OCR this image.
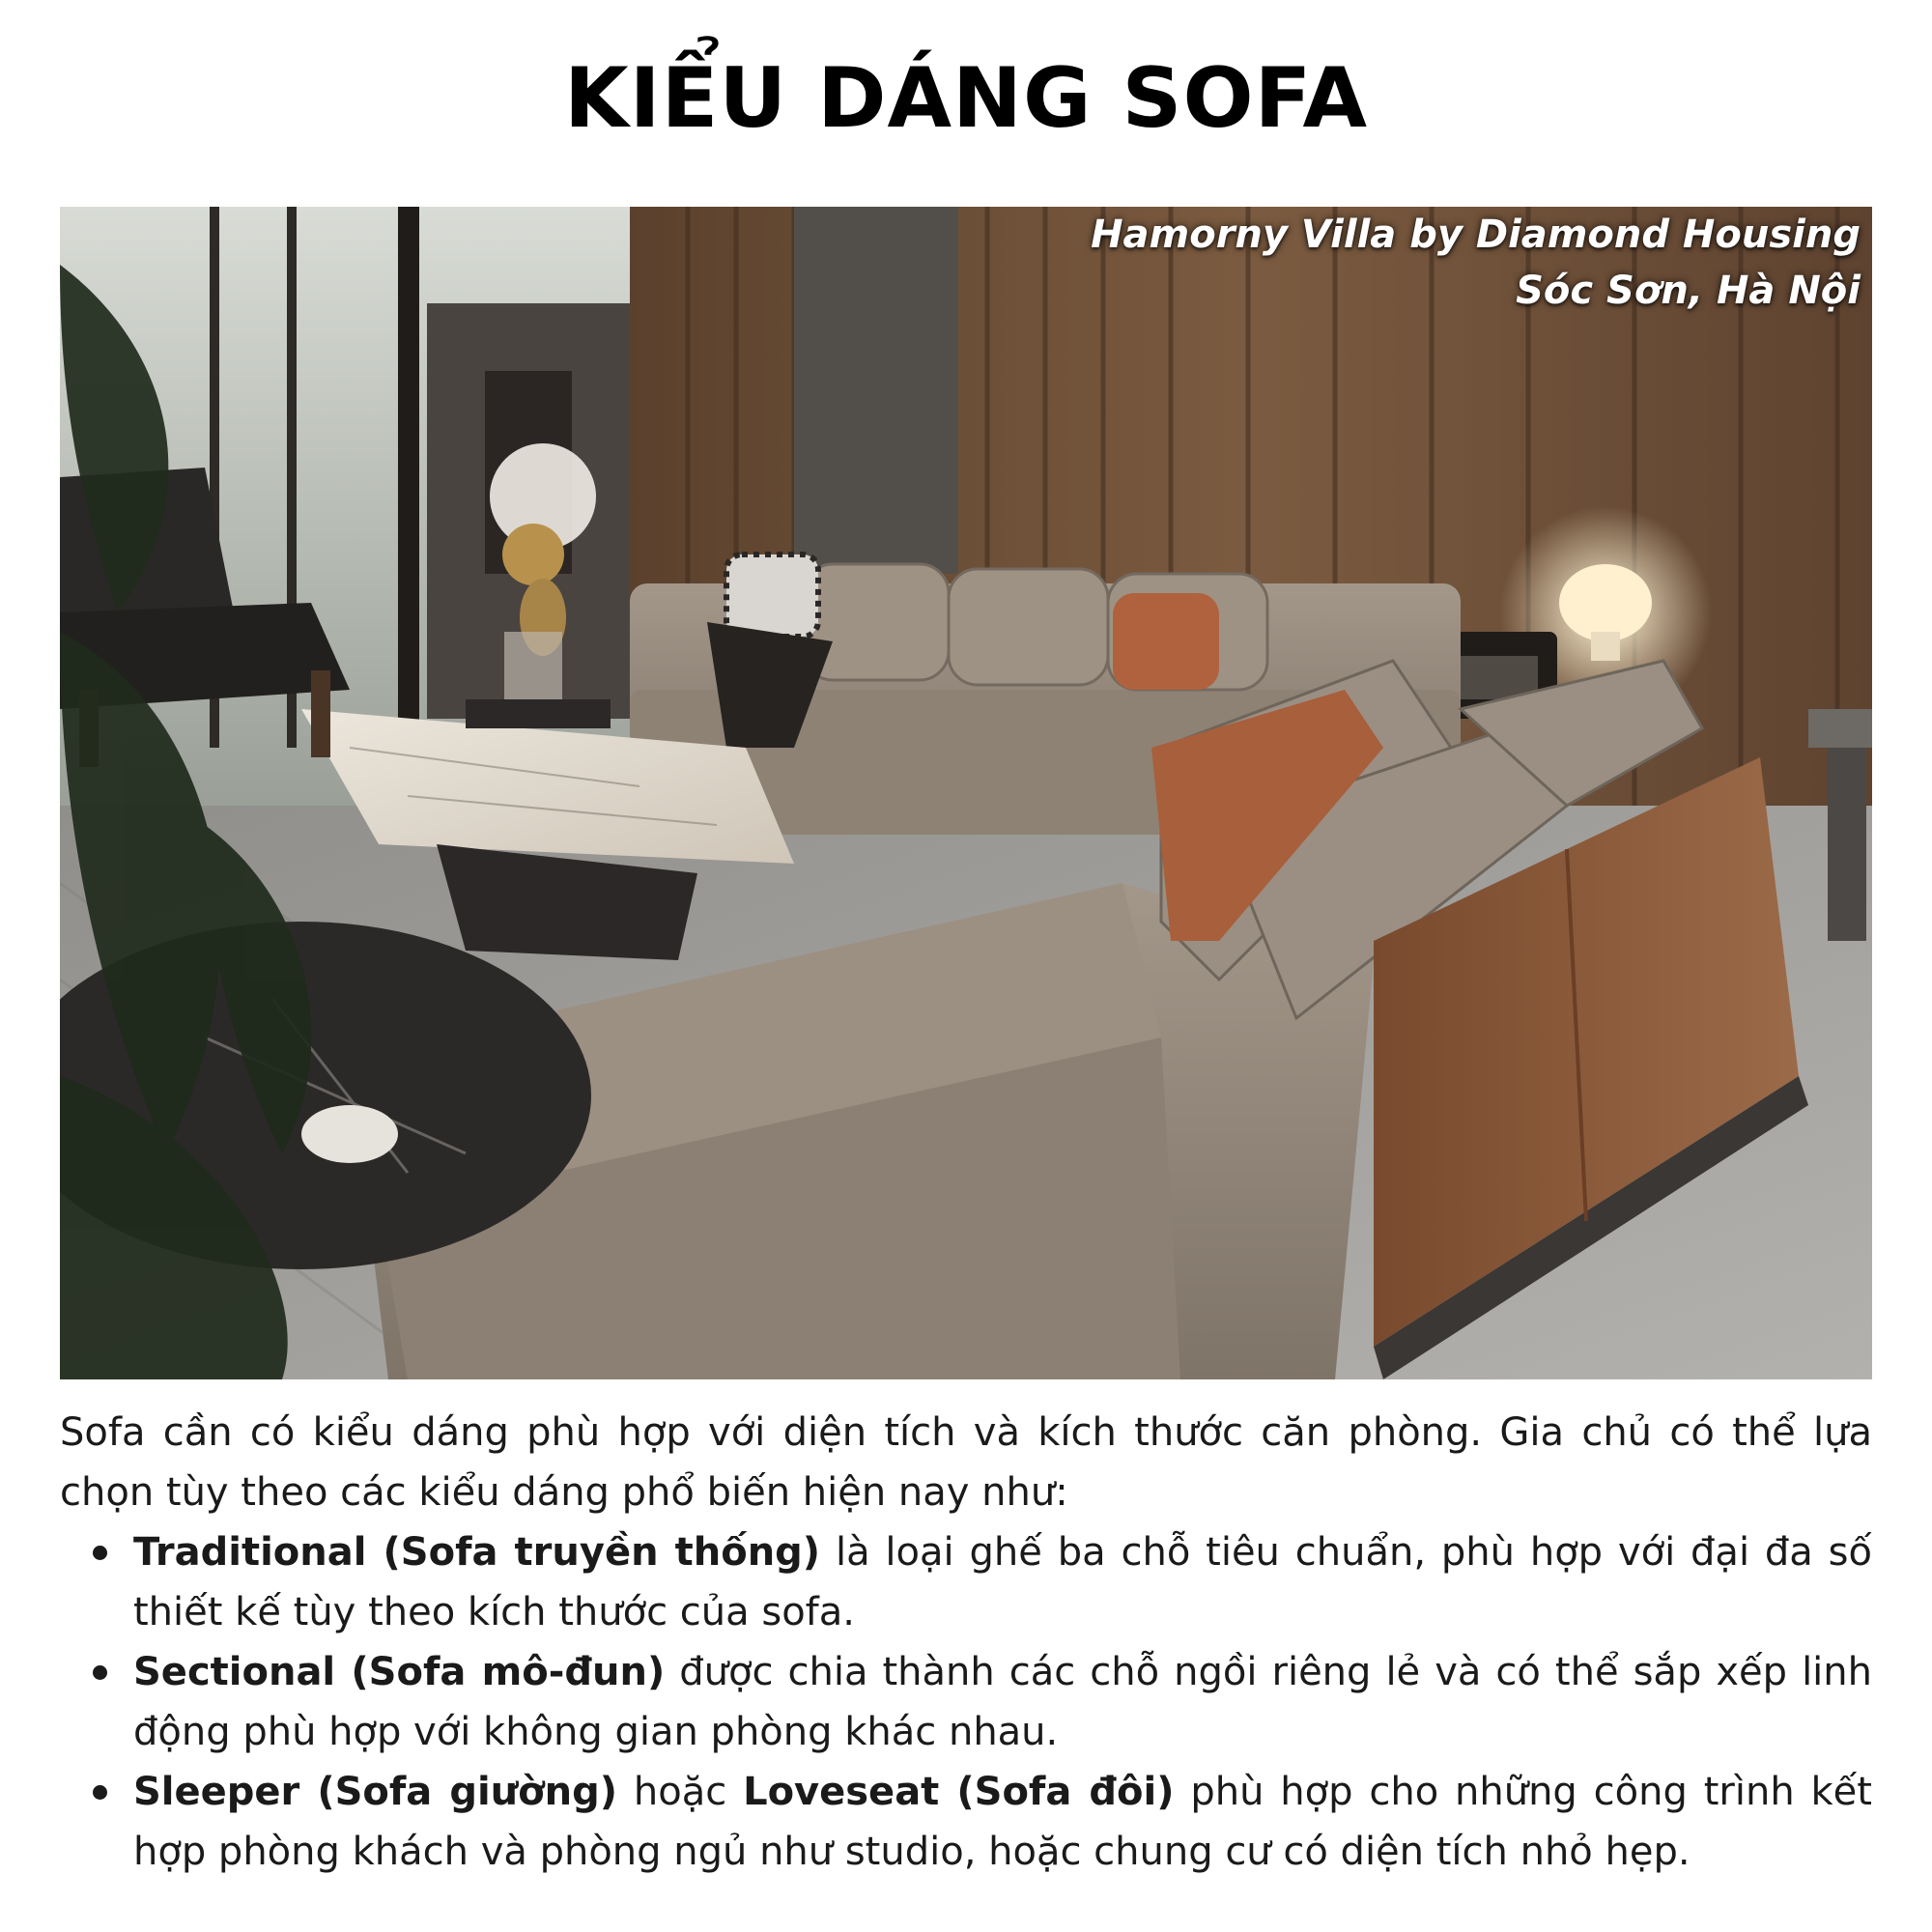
KIỂU DÁNG SOFA
Hamorny Villa by Diamond Housing
Sóc Sơn, Hà Nội

Sofa cần có kiểu dáng phù hợp với diện tích và kích thước căn phòng. Gia chủ có thể lựa chọn tùy theo các kiểu dáng phổ biến hiện nay như:

Traditional (Sofa truyền thống) là loại ghế ba chỗ tiêu chuẩn, phù hợp với đại đa số thiết kế tùy theo kích thước của sofa.
Sectional (Sofa mô-đun) được chia thành các chỗ ngồi riêng lẻ và có thể sắp xếp linh động phù hợp với không gian phòng khác nhau.
Sleeper (Sofa giường) hoặc Loveseat (Sofa đôi) phù hợp cho những công trình kết hợp phòng khách và phòng ngủ như studio, hoặc chung cư có diện tích nhỏ hẹp.
